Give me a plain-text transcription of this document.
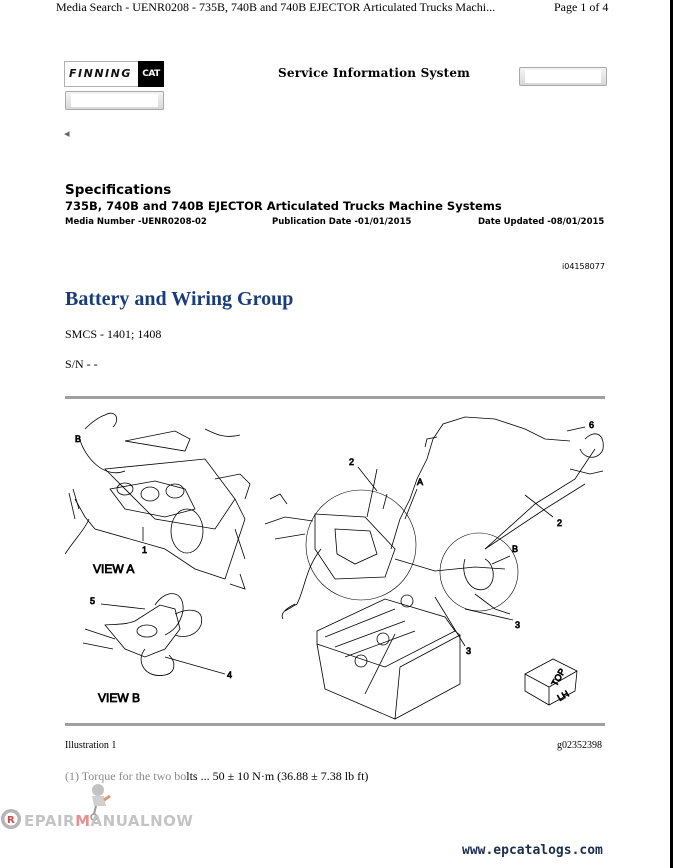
Media Search - UENR0208 - 735B, 740B and 740B EJECTOR Articulated Trucks Machi...	Page 1 of 4
FINNING	CAT	Service Information System
◂
Specifications
735B, 740B and 740B EJECTOR Articulated Trucks Machine Systems
Media Number -UENR0208-02	Publication Date -01/01/2015	Date Updated -08/01/2015
i04158077
Battery and Wiring Group
SMCS - 1401; 1408
S/N - -
B
1
VIEW A
5
4
VIEW B
TOP
LH
2
A
6
2
B
3
3
Illustration 1	g02352398
(1) Torque for the two bolts ... 50 ± 10 N·m (36.88 ± 7.38 lb ft)
R EPAIRMANUALNOW
www.epcatalogs.com
